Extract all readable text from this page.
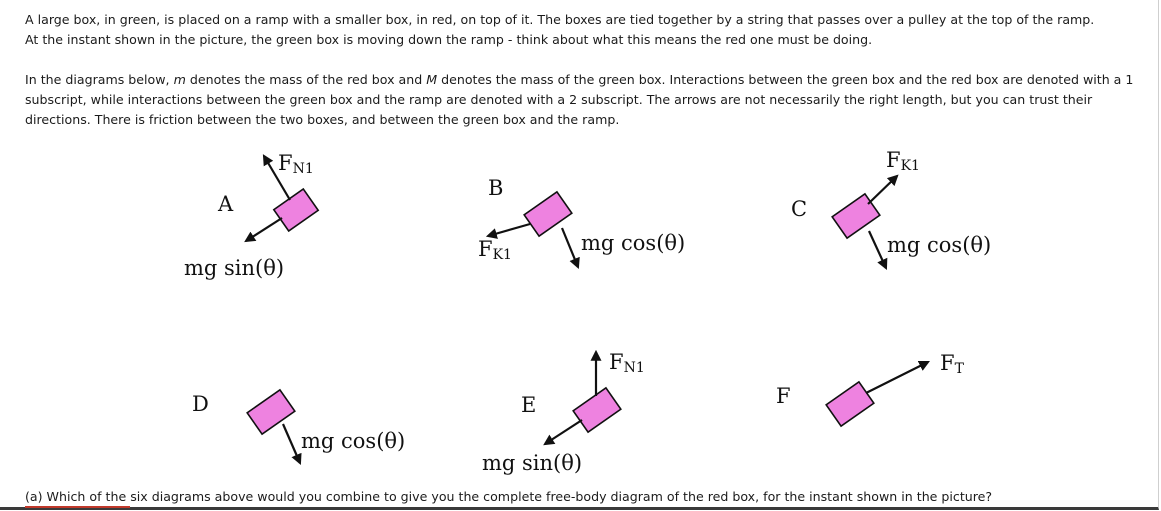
A large box, in green, is placed on a ramp with a smaller box, in red, on top of it. The boxes are tied together by a string that passes over a pulley at the top of the ramp.
At the instant shown in the picture, the green box is moving down the ramp - think about what this means the red one must be doing.

In the diagrams below, m denotes the mass of the red box and M denotes the mass of the green box. Interactions between the green box and the red box are denoted with a 1 subscript, while interactions between the green box and the ramp are denoted with a 2 subscript. The arrows are not necessarily the right length, but you can trust their directions. There is friction between the two boxes, and between the green box and the ramp.

A
FN1
mg sin(θ)
B
FK1	mg cos(θ)
C
FK1
mg cos(θ)
D
mg cos(θ)
E
FN1
mg sin(θ)
F
FT

(a) Which of the six diagrams above would you combine to give you the complete free-body diagram of the red box, for the instant shown in the picture?
